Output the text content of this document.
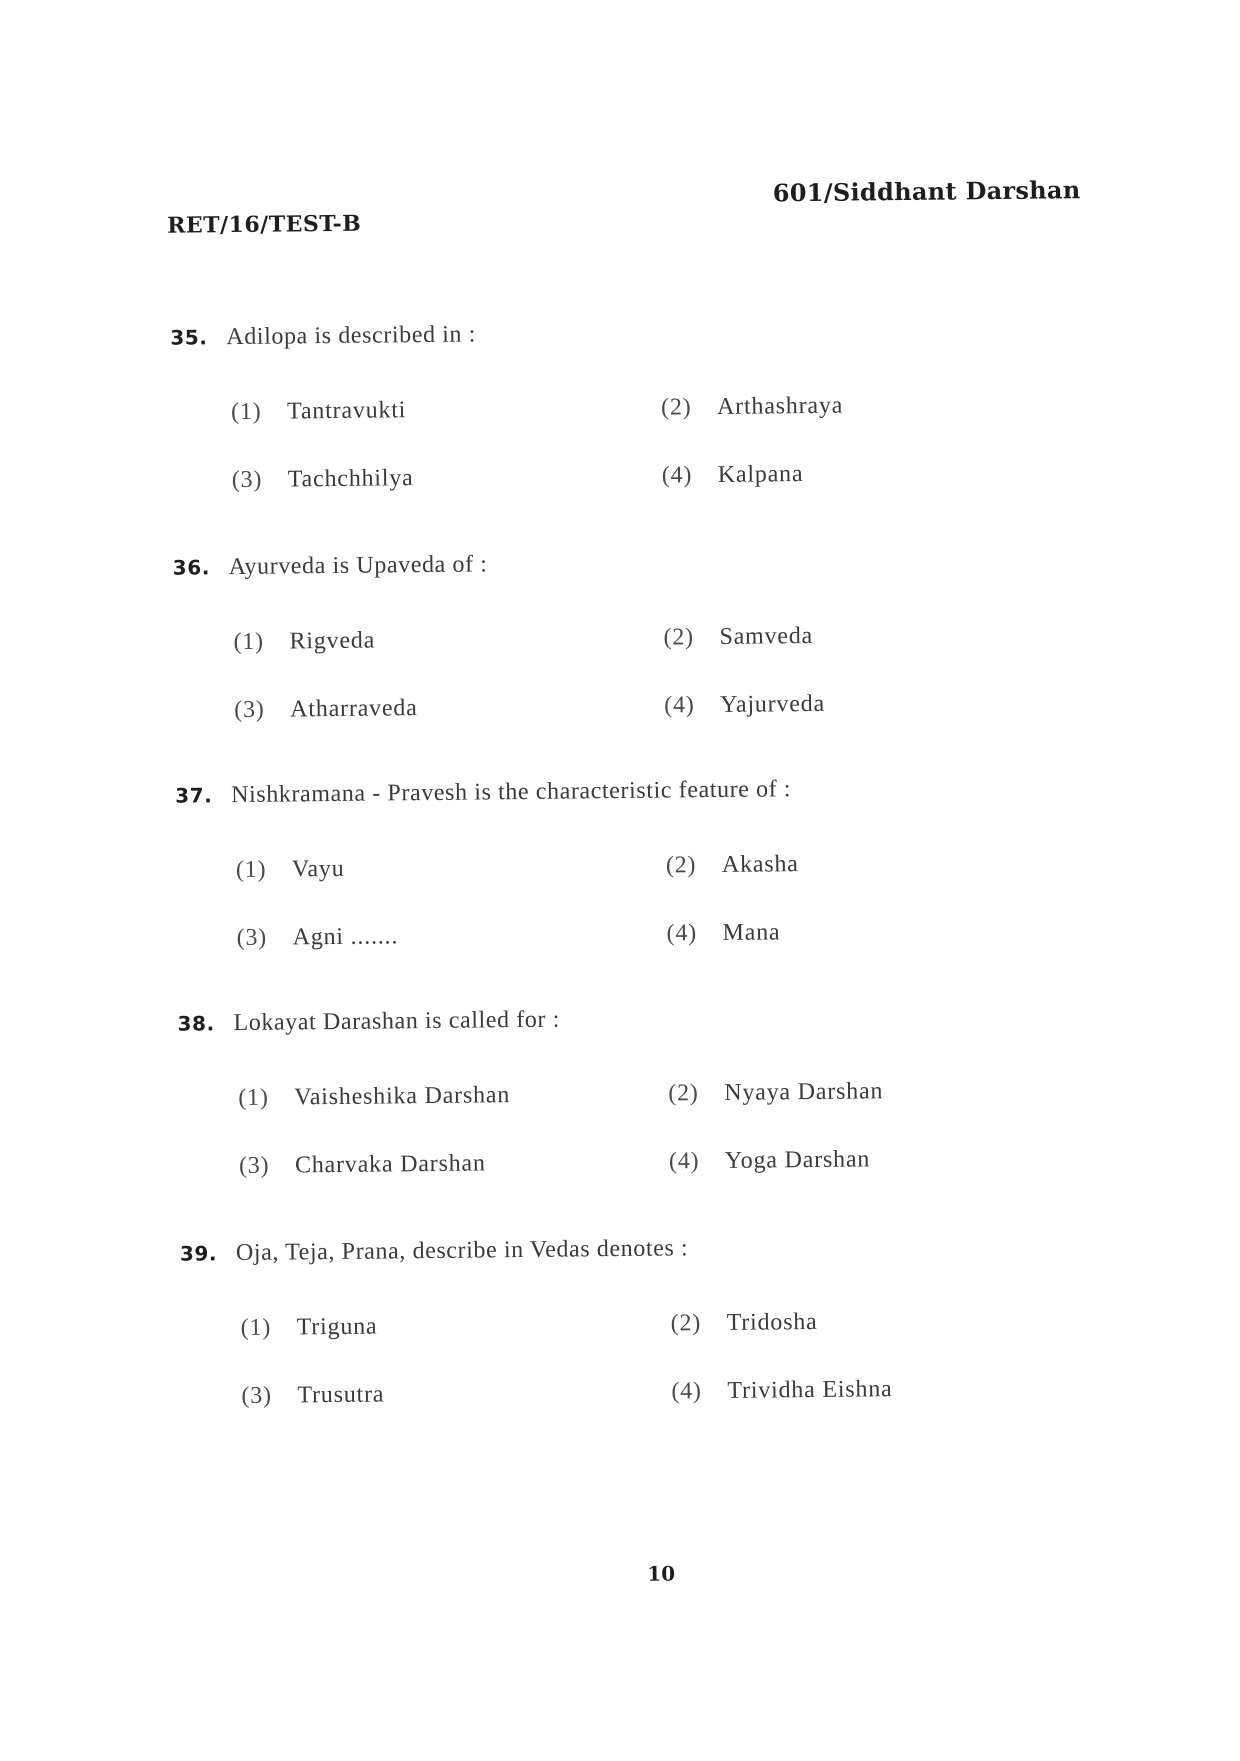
RET/16/TEST-B
601/Siddhant Darshan
35. Adilopa is described in :
(1) Tantravukti	(2) Arthashraya
(3) Tachchhilya	(4) Kalpana
36. Ayurveda is Upaveda of :
(1) Rigveda	(2) Samveda
(3) Atharraveda	(4) Yajurveda
37. Nishkramana - Pravesh is the characteristic feature of :
(1) Vayu	(2) Akasha
(3) Agni .......	(4) Mana
38. Lokayat Darashan is called for :
(1) Vaisheshika Darshan	(2) Nyaya Darshan
(3) Charvaka Darshan	(4) Yoga Darshan
39. Oja, Teja, Prana, describe in Vedas denotes :
(1) Triguna	(2) Tridosha
(3) Trusutra	(4) Trividha Eishna
10
